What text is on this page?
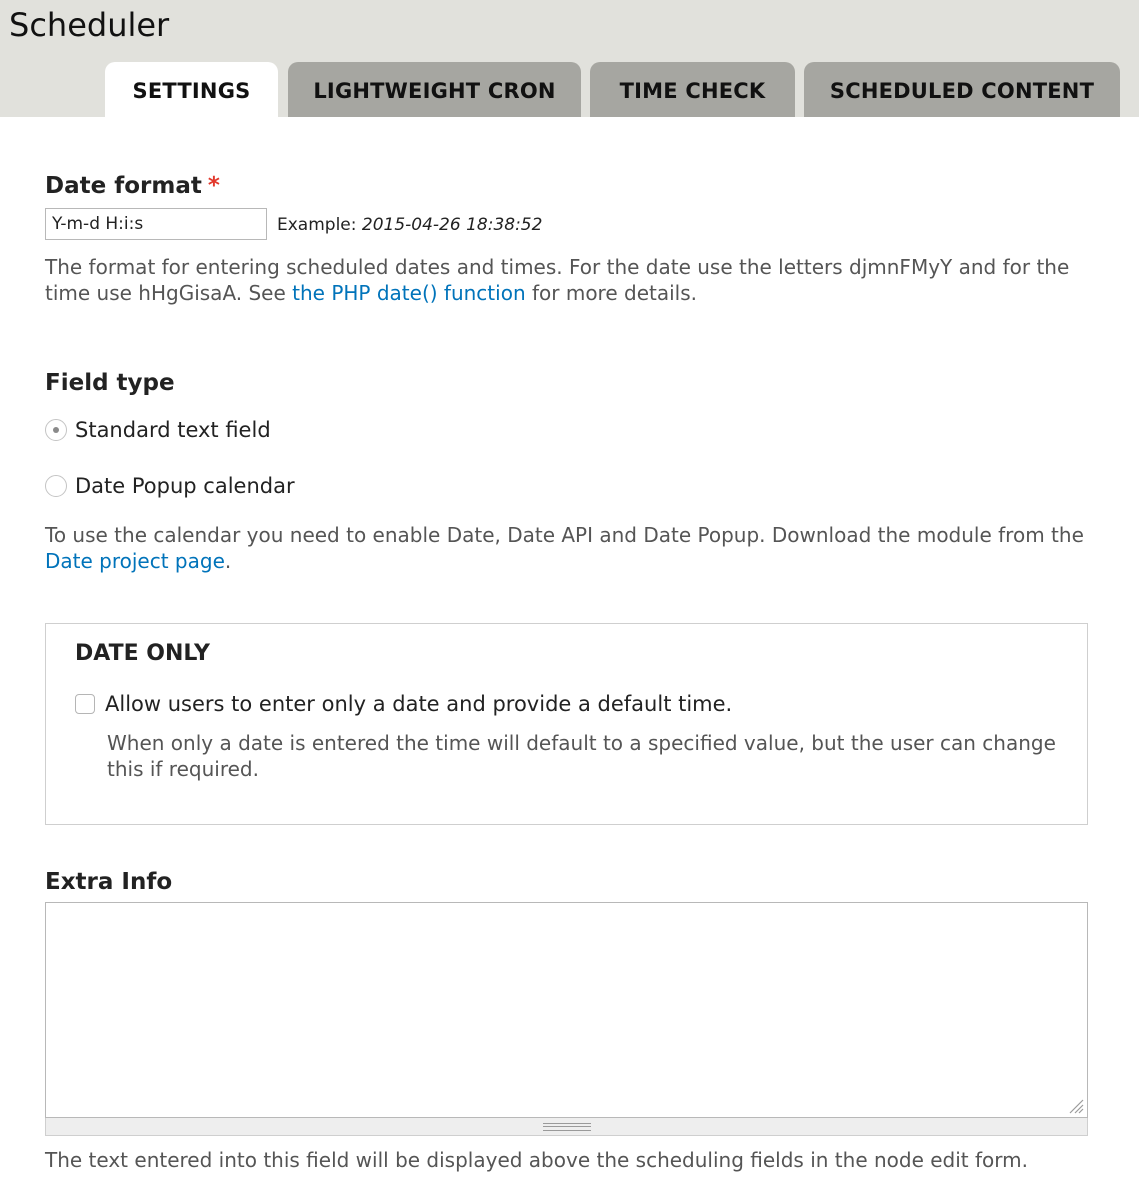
Scheduler
SETTINGS	LIGHTWEIGHT CRON	TIME CHECK	SCHEDULED CONTENT
Date format *
Y-m-d H:i:s
Example: 2015-04-26 18:38:52
The format for entering scheduled dates and times. For the date use the letters djmnFMyY and for the time use hHgGisaA. See the PHP date() function for more details.
Field type
Standard text field
Date Popup calendar
To use the calendar you need to enable Date, Date API and Date Popup. Download the module from the Date project page.
DATE ONLY
Allow users to enter only a date and provide a default time.
When only a date is entered the time will default to a specified value, but the user can change this if required.
Extra Info
The text entered into this field will be displayed above the scheduling fields in the node edit form.
